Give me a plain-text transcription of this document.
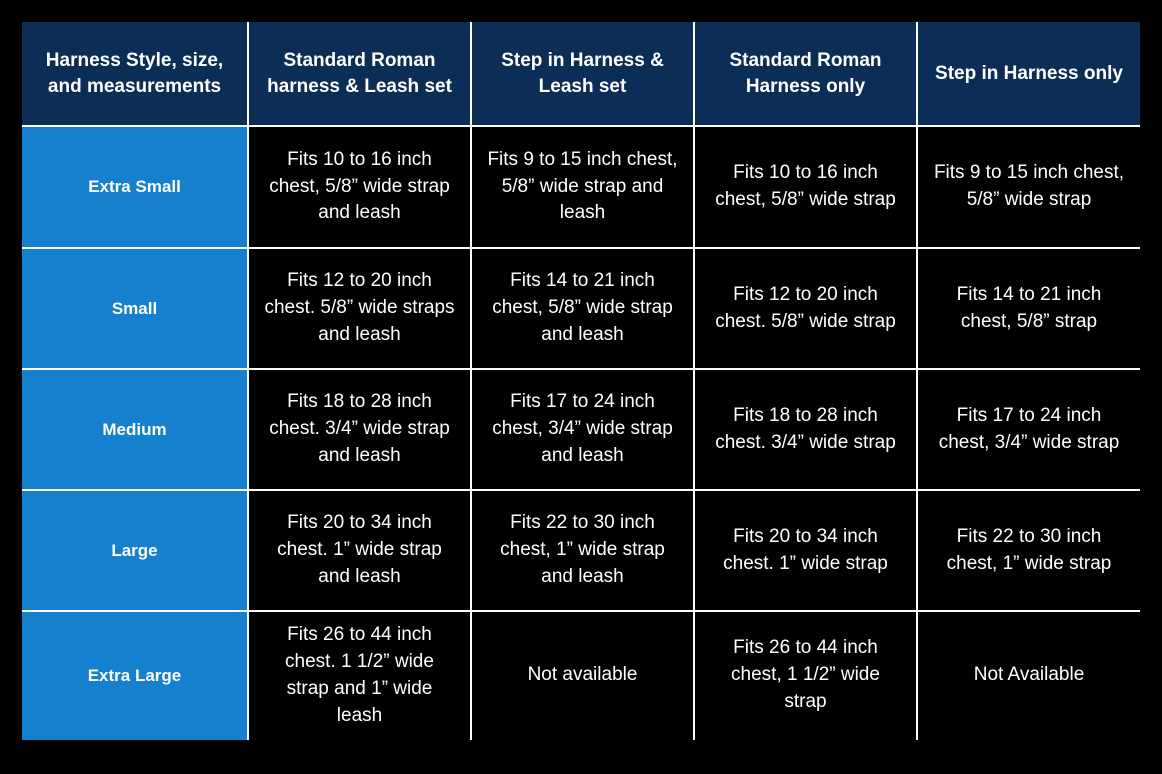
Harness Style, size, and measurements	Standard Roman harness & Leash set	Step in Harness & Leash set	Standard Roman Harness only	Step in Harness only
Extra Small	Fits 10 to 16 inch chest, 5/8” wide strap and leash	Fits 9 to 15 inch chest, 5/8” wide strap and leash	Fits 10 to 16 inch chest, 5/8” wide strap	Fits 9 to 15 inch chest, 5/8” wide strap
Small	Fits 12 to 20 inch chest. 5/8” wide straps and leash	Fits 14 to 21 inch chest, 5/8” wide strap and leash	Fits 12 to 20 inch chest. 5/8” wide strap	Fits 14 to 21 inch chest, 5/8” strap
Medium	Fits 18 to 28 inch chest. 3/4” wide strap and leash	Fits 17 to 24 inch chest, 3/4” wide strap and leash	Fits 18 to 28 inch chest. 3/4” wide strap	Fits 17 to 24 inch chest, 3/4” wide strap
Large	Fits 20 to 34 inch chest. 1” wide strap and leash	Fits 22 to 30 inch chest, 1” wide strap and leash	Fits 20 to 34 inch chest. 1” wide strap	Fits 22 to 30 inch chest, 1” wide strap
Extra Large	Fits 26 to 44 inch chest. 1 1/2” wide strap and 1” wide leash	Not available	Fits 26 to 44 inch chest, 1 1/2” wide strap	Not Available
